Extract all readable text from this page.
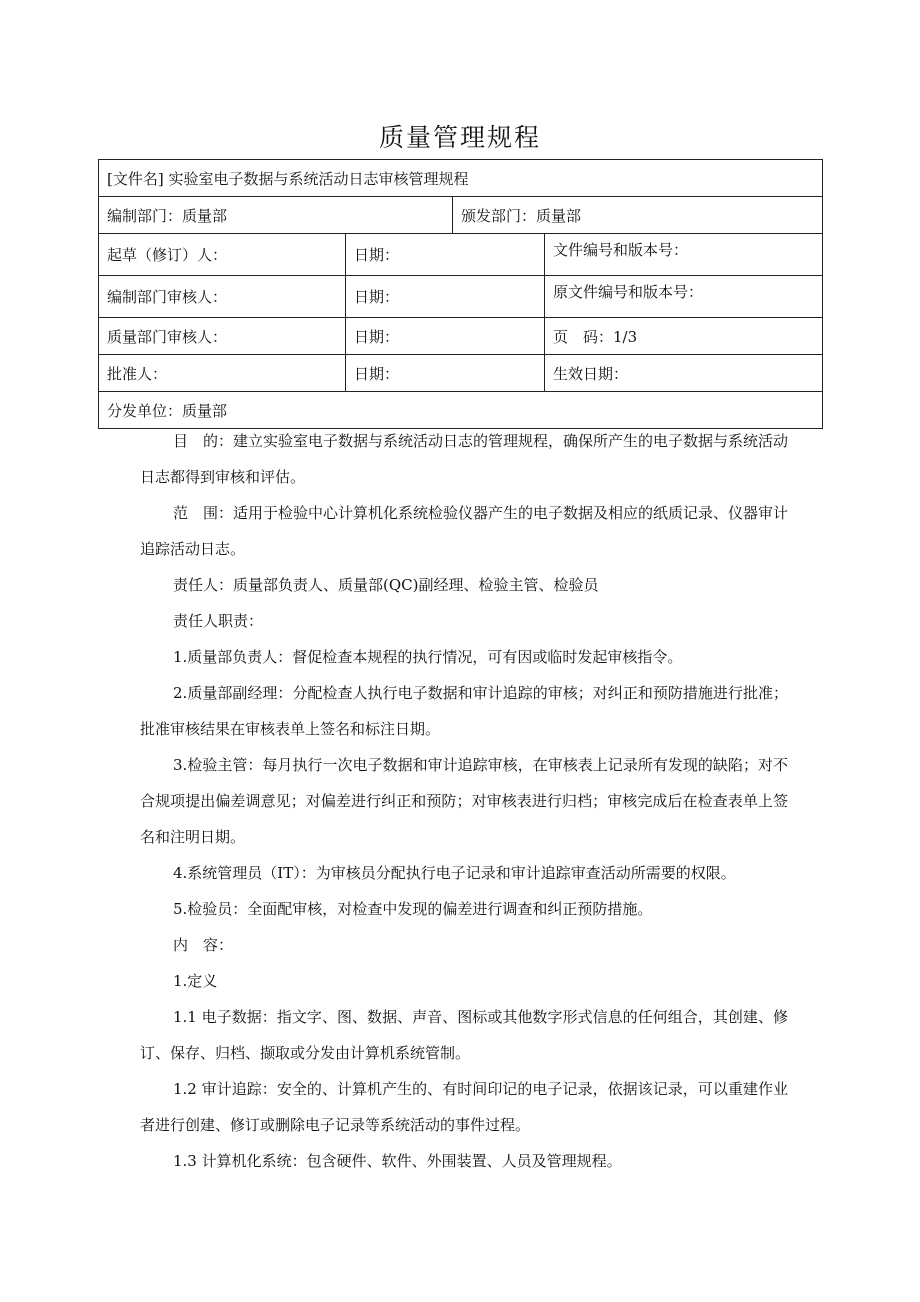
质量管理规程
[文件名] 实验室电子数据与系统活动日志审核管理规程			
编制部门：质量部		颁发部门：质量部	
起草（修订）人：	日期：		文件编号和版本号：
编制部门审核人：	日期：		原文件编号和版本号：
质量部门审核人：	日期：		页　码：1/3
批准人：	日期：		生效日期：
分发单位：质量部			

目　的：建立实验室电子数据与系统活动日志的管理规程，确保所产生的电子数据与系统活动日志都得到审核和评估。

范　围：适用于检验中心计算机化系统检验仪器产生的电子数据及相应的纸质记录、仪器审计追踪活动日志。

责任人：质量部负责人、质量部(QC)副经理、检验主管、检验员

责任人职责：

1.质量部负责人：督促检查本规程的执行情况，可有因或临时发起审核指令。

2.质量部副经理：分配检查人执行电子数据和审计追踪的审核；对纠正和预防措施进行批准；批准审核结果在审核表单上签名和标注日期。

3.检验主管：每月执行一次电子数据和审计追踪审核，在审核表上记录所有发现的缺陷；对不合规项提出偏差调意见；对偏差进行纠正和预防；对审核表进行归档；审核完成后在检查表单上签名和注明日期。

4.系统管理员（IT）：为审核员分配执行电子记录和审计追踪审查活动所需要的权限。

5.检验员：全面配审核，对检查中发现的偏差进行调查和纠正预防措施。

内　容：

1.定义

1.1 电子数据：指文字、图、数据、声音、图标或其他数字形式信息的任何组合，其创建、修订、保存、归档、撷取或分发由计算机系统管制。

1.2 审计追踪：安全的、计算机产生的、有时间印记的电子记录，依据该记录，可以重建作业者进行创建、修订或删除电子记录等系统活动的事件过程。

1.3 计算机化系统：包含硬件、软件、外围装置、人员及管理规程。
